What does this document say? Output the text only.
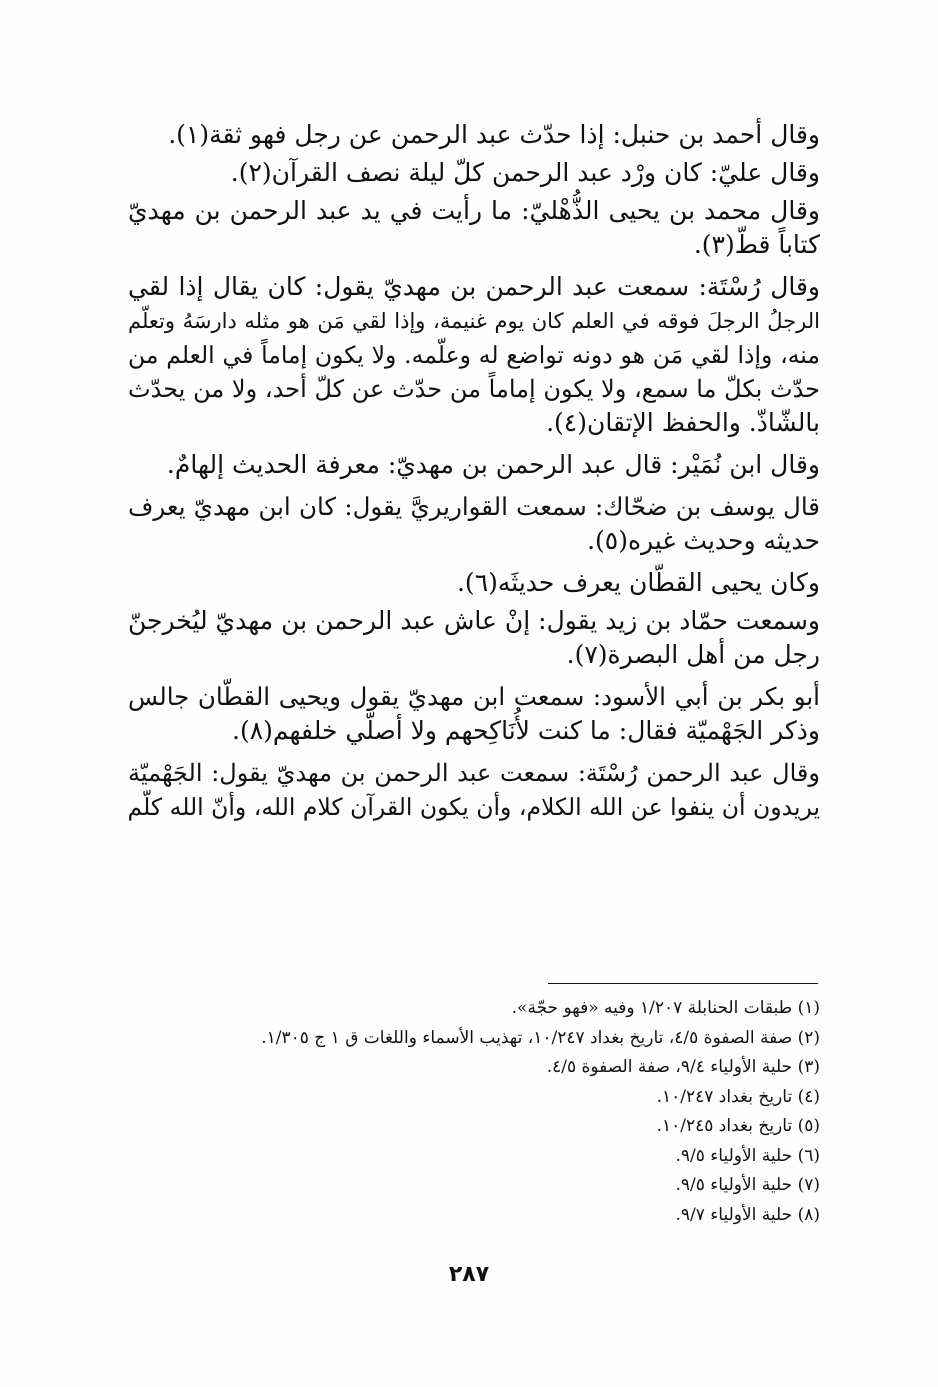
وقال أحمد بن حنبل: إذا حدّث عبد الرحمن عن رجل فهو ثقة(١).
وقال عليّ: كان ورْد عبد الرحمن كلّ ليلة نصف القرآن(٢).
وقال محمد بن يحيى الذُّهْليّ: ما رأيت في يد عبد الرحمن بن مهديّ
كتاباً قطّ(٣).
وقال رُسْتَة: سمعت عبد الرحمن بن مهديّ يقول: كان يقال إذا لقي
الرجلُ الرجلَ فوقه في العلم كان يوم غنيمة، وإذا لقي مَن هو مثله دارسَهُ وتعلّم
منه، وإذا لقي مَن هو دونه تواضع له وعلّمه. ولا يكون إماماً في العلم من
حدّث بكلّ ما سمع، ولا يكون إماماً من حدّث عن كلّ أحد، ولا من يحدّث
بالشّاذّ. والحفظ الإتقان(٤).
وقال ابن نُمَيْر: قال عبد الرحمن بن مهديّ: معرفة الحديث إلهامٌ.
قال يوسف بن ضحّاك: سمعت القواريريَّ يقول: كان ابن مهديّ يعرف
حديثه وحديث غيره(٥).
وكان يحيى القطّان يعرف حديثَه(٦).
وسمعت حمّاد بن زيد يقول: إنْ عاش عبد الرحمن بن مهديّ ليُخرجنّ
رجل من أهل البصرة(٧).
أبو بكر بن أبي الأسود: سمعت ابن مهديّ يقول ويحيى القطّان جالس
وذكر الجَهْميّة فقال: ما كنت لأُنَاكِحهم ولا أصلّي خلفهم(٨).
وقال عبد الرحمن رُسْتَة: سمعت عبد الرحمن بن مهديّ يقول: الجَهْميّة
يريدون أن ينفوا عن الله الكلام، وأن يكون القرآن كلام الله، وأنّ الله كلّم
(١) طبقات الحنابلة ١/٢٠٧ وفيه «فهو حجّة».
(٢) صفة الصفوة ٤/٥، تاريخ بغداد ١٠/٢٤٧، تهذيب الأسماء واللغات ق ١ ج ١/٣٠٥.
(٣) حلية الأولياء ٩/٤، صفة الصفوة ٤/٥.
(٤) تاريخ بغداد ١٠/٢٤٧.
(٥) تاريخ بغداد ١٠/٢٤٥.
(٦) حلية الأولياء ٩/٥.
(٧) حلية الأولياء ٩/٥.
(٨) حلية الأولياء ٩/٧.
٢٨٧
